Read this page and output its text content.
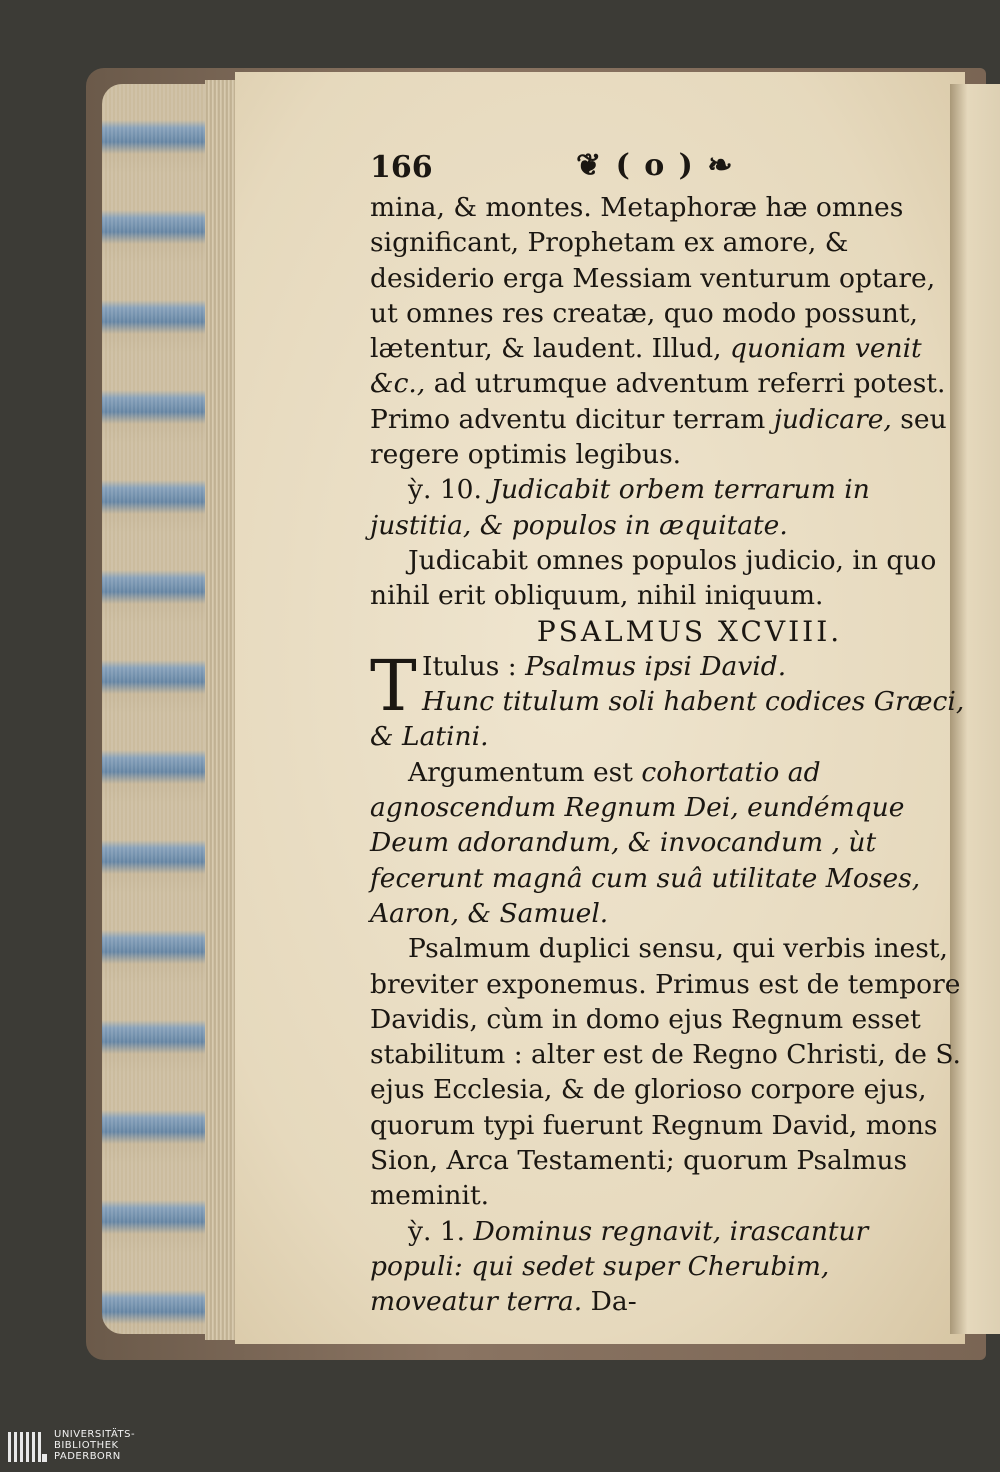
166	❦ ( o ) ❧

mina, & montes. Metaphoræ hæ omnes significant, Prophetam ex amore, & desiderio erga Messiam venturum optare, ut omnes res creatæ, quo modo possunt, lætentur, & laudent. Illud, quoniam venit &c., ad utrumque adventum referri potest. Primo adventu dicitur terram judicare, seu regere optimis legibus.

ỳ. 10. Judicabit orbem terrarum in justitia, & populos in æquitate.

Judicabit omnes populos judicio, in quo nihil erit obliquum, nihil iniquum.

PSALMUS XCVIII.

T Itulus : Psalmus ipsi David.

Hunc titulum soli habent codices Græci, & Latini.

Argumentum est cohortatio ad agnoscendum Regnum Dei, eundémque Deum adorandum, & invocandum , ùt fecerunt magnâ cum suâ utilitate Moses, Aaron, & Samuel.

Psalmum duplici sensu, qui verbis inest, breviter exponemus. Primus est de tempore Davidis, cùm in domo ejus Regnum esset stabilitum : alter est de Regno Christi, de S. ejus Ecclesia, & de glorioso corpore ejus, quorum typi fuerunt Regnum David, mons Sion, Arca Testamenti; quorum Psalmus meminit.

ỳ. 1. Dominus regnavit, irascantur populi: qui sedet super Cherubim, moveatur terra. Da-

UNIVERSITÄTS-
BIBLIOTHEK
PADERBORN
